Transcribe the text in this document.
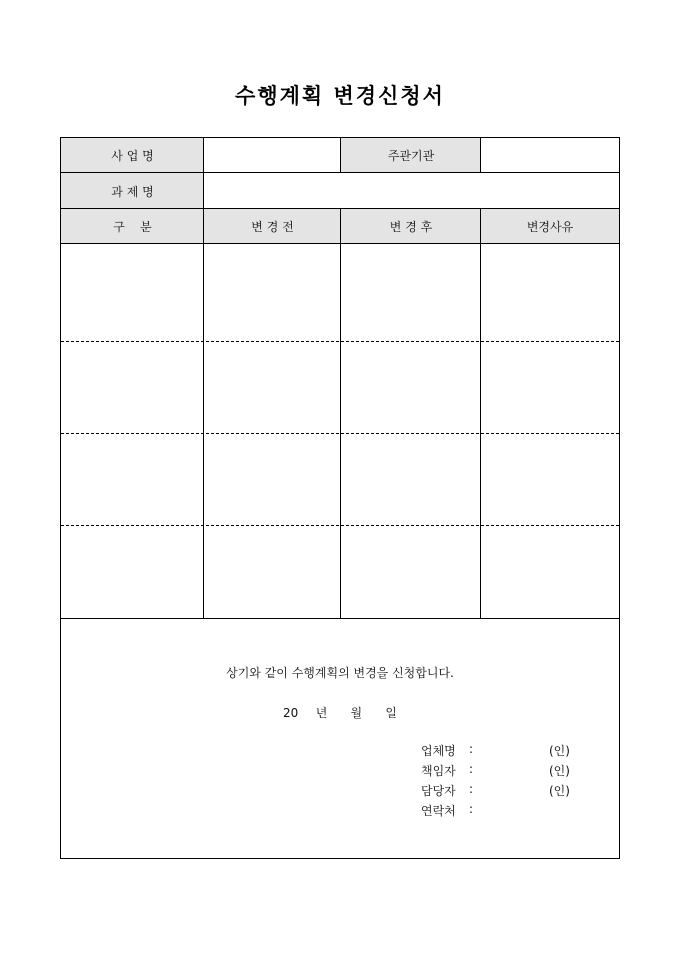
수행계획 변경신청서
사 업 명	주관기관
과 제 명
구    분	변 경 전	변 경 후	변경사유
상기와 같이 수행계획의 변경을 신청합니다.
20   년    월    일
업체명 :	(인)
책임자 :	(인)
담당자 :	(인)
연락처 :
